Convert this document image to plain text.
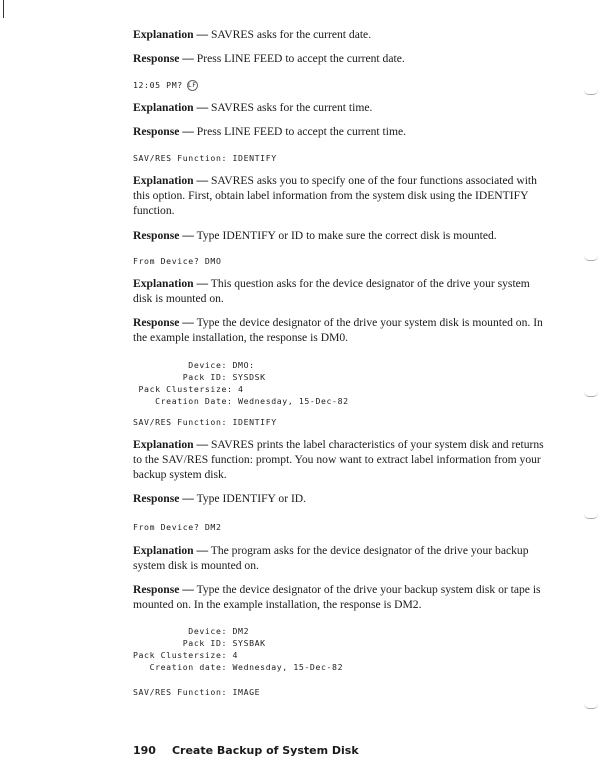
Explanation — SAVRES asks for the current date.
Response — Press LINE FEED to accept the current date.
12:05 PM? LF
Explanation — SAVRES asks for the current time.
Response — Press LINE FEED to accept the current time.
SAV/RES Function: IDENTIFY
Explanation — SAVRES asks you to specify one of the four functions associated with this option. First, obtain label information from the system disk using the IDENTIFY function.
Response — Type IDENTIFY or ID to make sure the correct disk is mounted.
From Device? DMO
Explanation — This question asks for the device designator of the drive your system disk is mounted on.
Response — Type the device designator of the drive your system disk is mounted on. In the example installation, the response is DM0.
Device: DMO:
Pack ID: SYSDSK
Pack Clustersize: 4
Creation Date: Wednesday, 15-Dec-82
SAV/RES Function: IDENTIFY
Explanation — SAVRES prints the label characteristics of your system disk and returns to the SAV/RES function: prompt. You now want to extract label information from your backup system disk.
Response — Type IDENTIFY or ID.
From Device? DM2
Explanation — The program asks for the device designator of the drive your backup system disk is mounted on.
Response — Type the device designator of the drive your backup system disk or tape is mounted on. In the example installation, the response is DM2.
Device: DM2
Pack ID: SYSBAK
Pack Clustersize: 4
Creation date: Wednesday, 15-Dec-82
SAV/RES Function: IMAGE
190 Create Backup of System Disk
